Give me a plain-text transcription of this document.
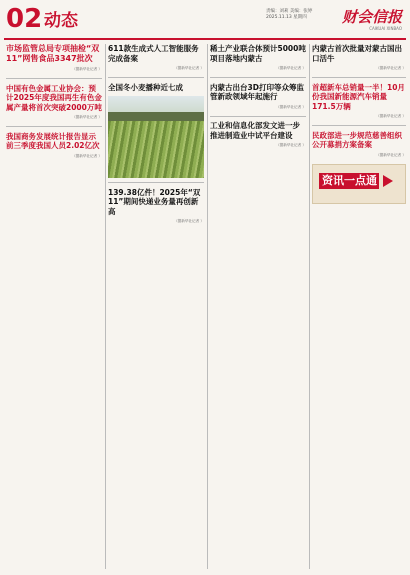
02 动态	责编：刘莉 美编：张婷
2025.11.13 星期四	财会信报
CAIKUAI XINBAO
市场监管总局专项抽检“双11”网售食品3347批次
（据新华社记者 ）
中国有色金属工业协会：预计2025年度我国再生有色金属产量将首次突破2000万吨
（据新华社记者 ）
我国商务发展统计报告显示前三季度我国人员2.02亿次
（据新华社记者 ）
611款生成式人工智能服务完成备案
（据新华社记者 ）
全国冬小麦播种近七成
139.38亿件！2025年“双11”期间快递业务量再创新高
（据新华社记者 ）
稀土产业联合体预计5000吨项目落地内蒙古
（据新华社记者 ）
内蒙古出台3D打印等众筹监管新政领域年起施行
（据新华社记者 ）
工业和信息化部发文进一步推进制造业中试平台建设
（据新华社记者 ）
内蒙古首次批量对蒙古国出口活牛
（据新华社记者 ）
首超新车总销量一半！10月份我国新能源汽车销量171.5万辆
（据新华社记者 ）
民政部进一步规范慈善组织公开募捐方案备案
（据新华社记者 ）
资讯一点通
